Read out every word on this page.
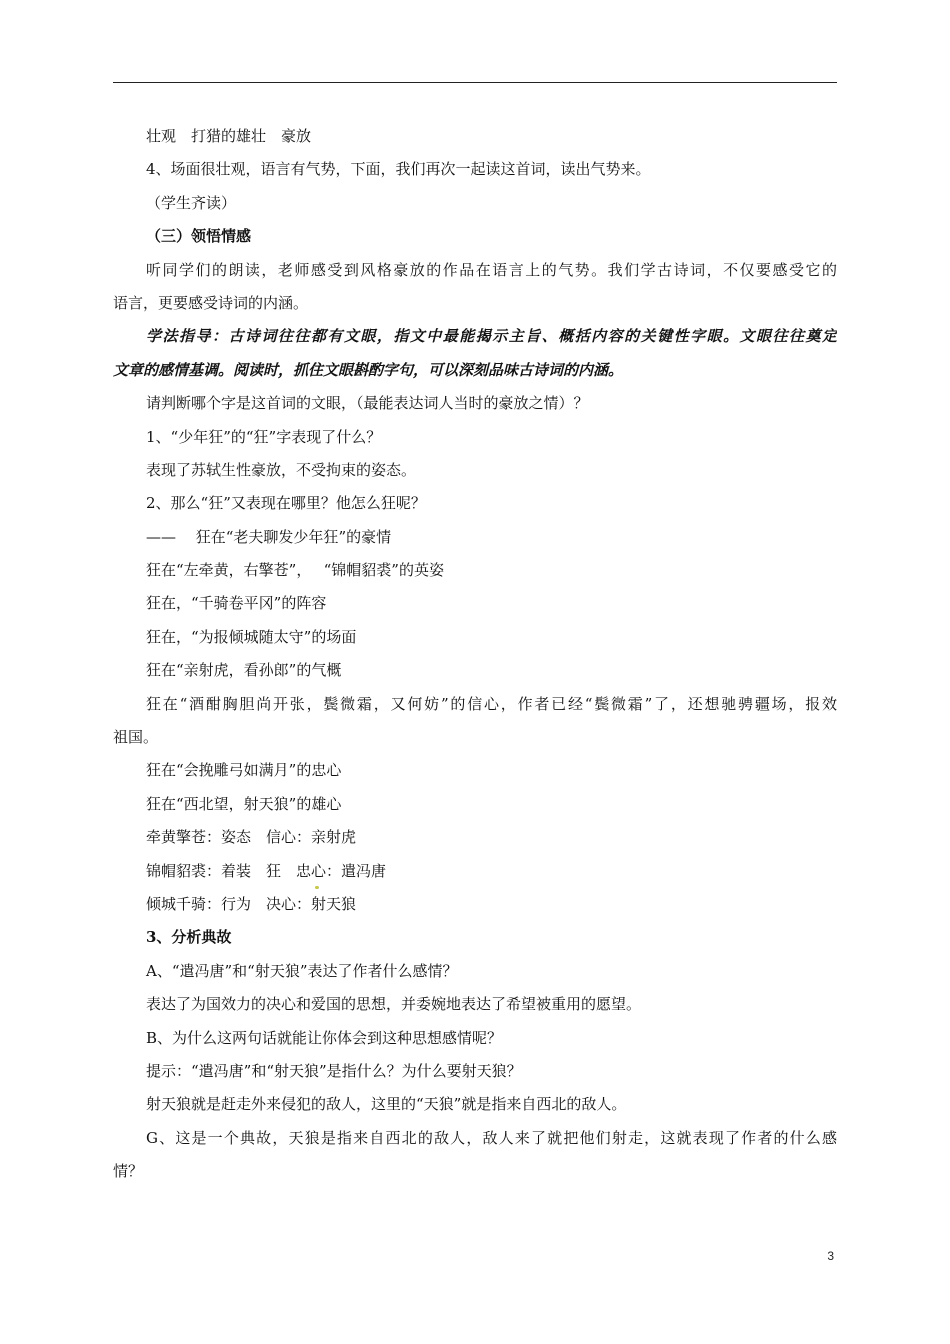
壮观　打猎的雄壮　豪放
4、场面很壮观，语言有气势，下面，我们再次一起读这首词，读出气势来。
（学生齐读）
（三）领悟情感
听同学们的朗读，老师感受到风格豪放的作品在语言上的气势。我们学古诗词，不仅要感受它的
语言，更要感受诗词的内涵。
学法指导：古诗词往往都有文眼，指文中最能揭示主旨、概括内容的关键性字眼。文眼往往奠定
文章的感情基调。阅读时，抓住文眼斟酌字句，可以深刻品味古诗词的内涵。
请判断哪个字是这首词的文眼，（最能表达词人当时的豪放之情）？
1、“少年狂”的“狂”字表现了什么？
表现了苏轼生性豪放，不受拘束的姿态。
2、那么“狂”又表现在哪里？他怎么狂呢？
——　 狂在“老夫聊发少年狂”的豪情
狂在“左牵黄，右擎苍”，　 “锦帽貂裘”的英姿
狂在，“千骑卷平冈”的阵容
狂在，“为报倾城随太守”的场面
狂在“亲射虎，看孙郎”的气概
狂在“酒酣胸胆尚开张，鬓微霜，又何妨”的信心，作者已经“鬓微霜”了，还想驰骋疆场，报效
祖国。
狂在“会挽雕弓如满月”的忠心
狂在“西北望，射天狼”的雄心
牵黄擎苍：姿态　信心：亲射虎
锦帽貂裘：着装　狂　忠心：遣冯唐
倾城千骑：行为　决心：射天狼
3、分析典故
A、“遣冯唐”和“射天狼”表达了作者什么感情？
表达了为国效力的决心和爱国的思想，并委婉地表达了希望被重用的愿望。
B、为什么这两句话就能让你体会到这种思想感情呢？
提示：“遣冯唐”和“射天狼”是指什么？为什么要射天狼？
射天狼就是赶走外来侵犯的敌人，这里的“天狼”就是指来自西北的敌人。
G、这是一个典故，天狼是指来自西北的敌人，敌人来了就把他们射走，这就表现了作者的什么感
情？
3
